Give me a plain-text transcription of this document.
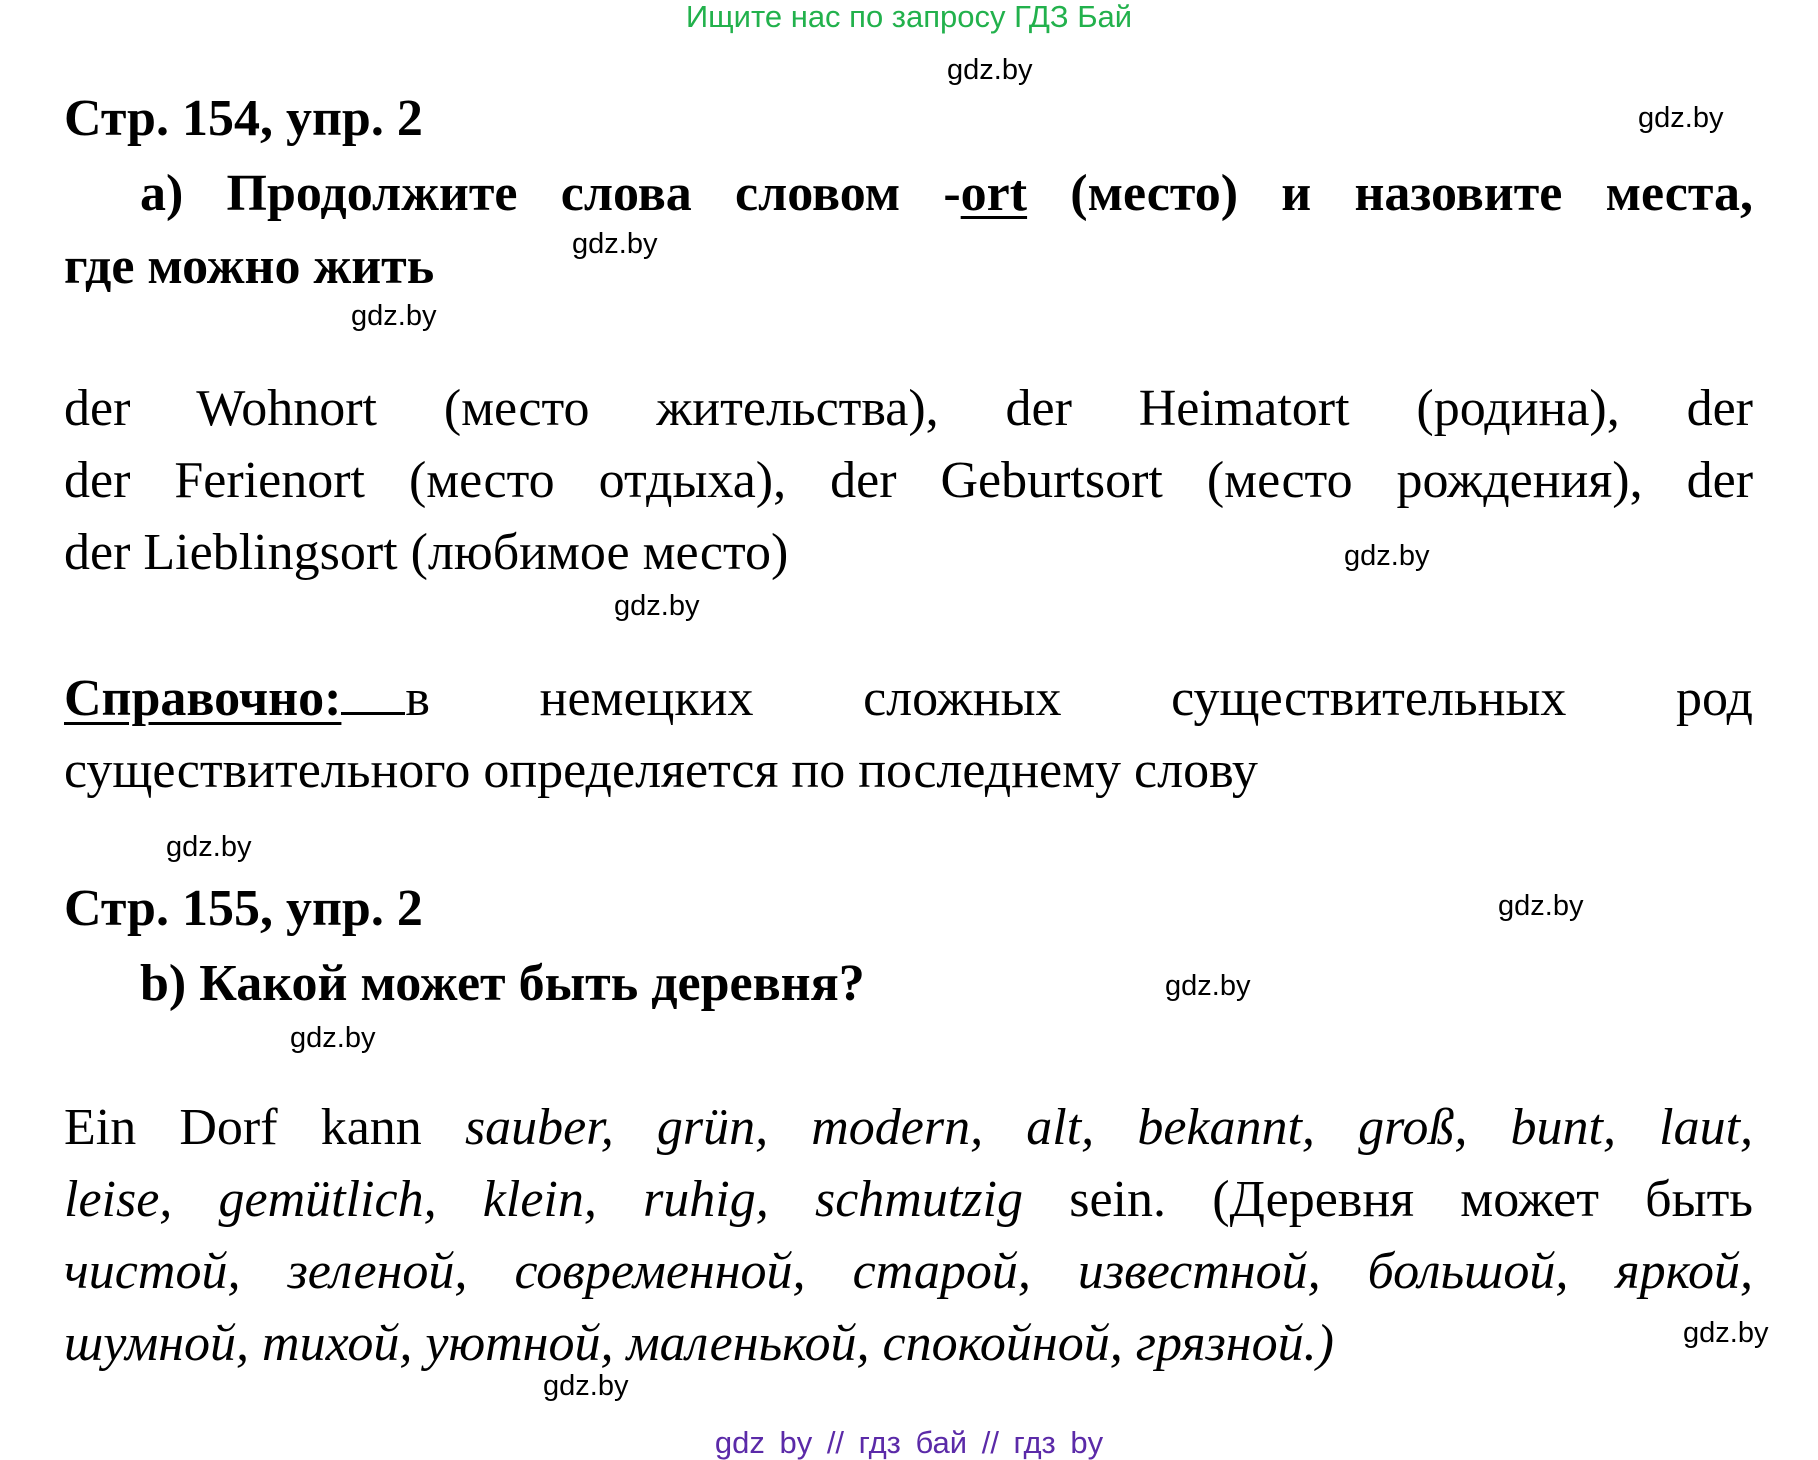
Ищите нас по запросу ГДЗ Бай
gdz.by
gdz.by
gdz.by
gdz.by
gdz.by
gdz.by
gdz.by
gdz.by
gdz.by
gdz.by
gdz.by
gdz.by
Стр. 154, упр. 2
a) Продолжите слова словом -ort (место) и назовите места,
где можно жить
der Wohnort (место жительства), der Heimatort (родина), der
der Ferienort (место отдыха), der Geburtsort (место рождения), der
der Lieblingsort (любимое место)
Справочно: в немецких сложных существительных род
существительного определяется по последнему слову
Стр. 155, упр. 2
b) Какой может быть деревня?
Ein Dorf kann sauber, grün, modern, alt, bekannt, groß, bunt, laut,
leise, gemütlich, klein, ruhig, schmutzig sein. (Деревня может быть
чистой, зеленой, современной, старой, известной, большой, яркой,
шумной, тихой, уютной, маленькой, спокойной, грязной.)
gdz by // гдз бай // гдз by
